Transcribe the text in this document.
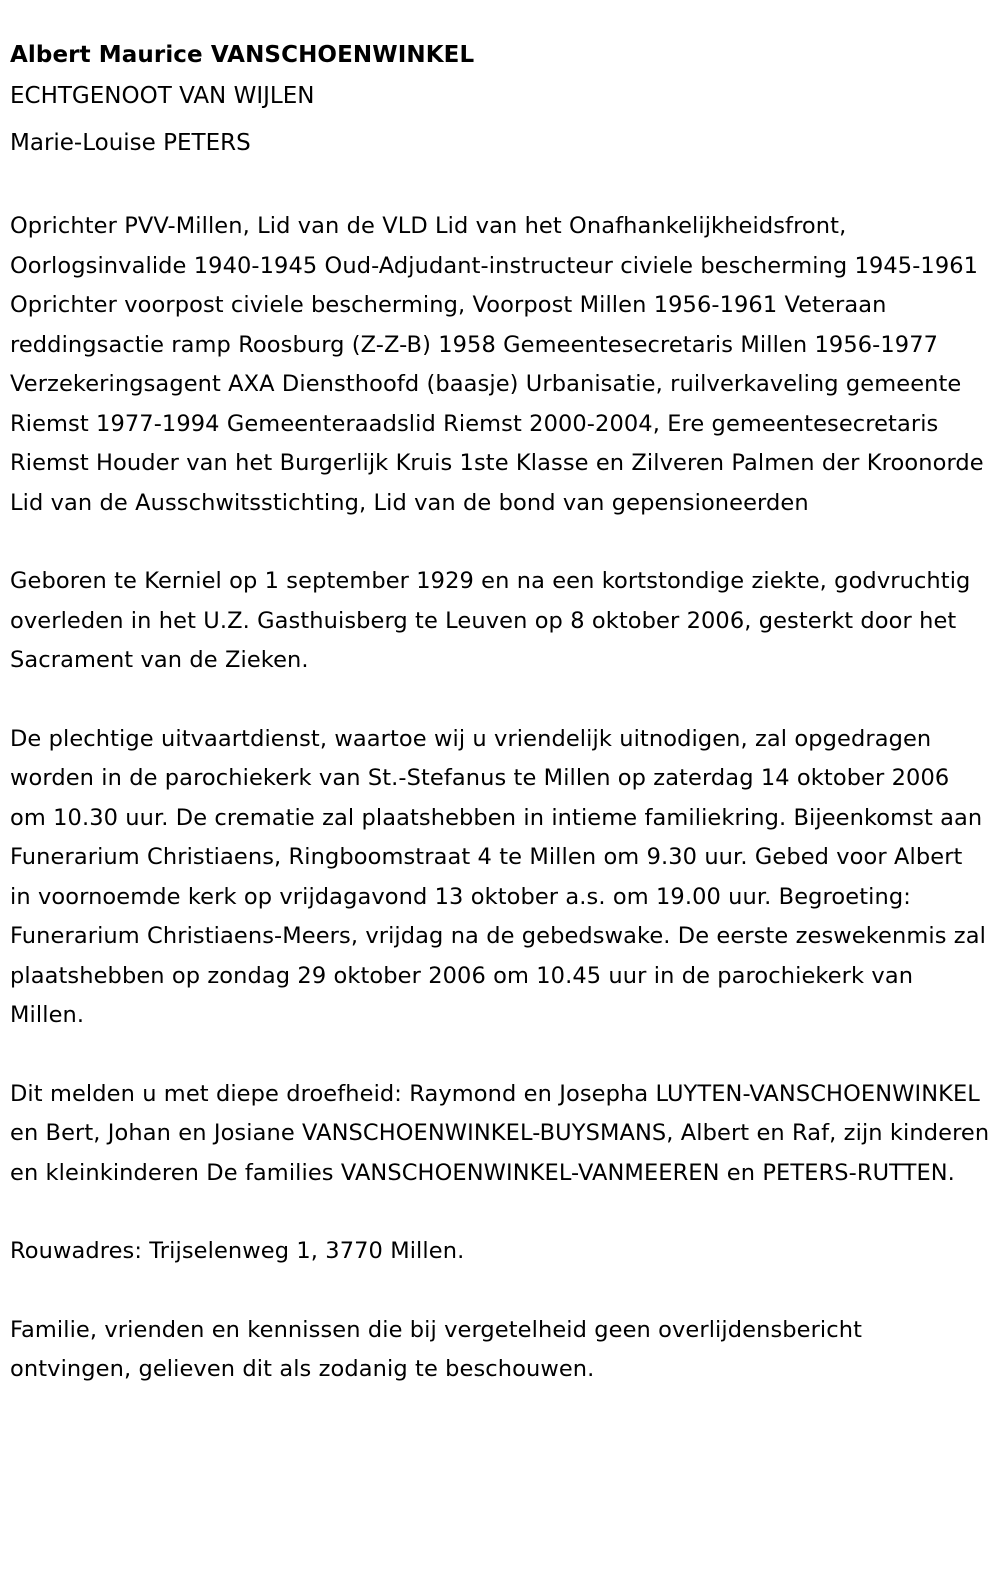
Albert Maurice VANSCHOENWINKEL

ECHTGENOOT VAN WIJLEN

Marie-Louise PETERS

Oprichter PVV-Millen, Lid van de VLD Lid van het Onafhankelijkheidsfront, Oorlogsinvalide 1940-1945 Oud-Adjudant-instructeur civiele bescherming 1945-1961 Oprichter voorpost civiele bescherming, Voorpost Millen 1956-1961 Veteraan reddingsactie ramp Roosburg (Z-Z-B) 1958 Gemeentesecretaris Millen 1956-1977 Verzekeringsagent AXA Diensthoofd (baasje) Urbanisatie, ruilverkaveling gemeente Riemst 1977-1994 Gemeenteraadslid Riemst 2000-2004, Ere gemeentesecretaris Riemst Houder van het Burgerlijk Kruis 1ste Klasse en Zilveren Palmen der Kroonorde Lid van de Ausschwitsstichting, Lid van de bond van gepensioneerden

Geboren te Kerniel op 1 september 1929 en na een kortstondige ziekte, godvruchtig overleden in het U.Z. Gasthuisberg te Leuven op 8 oktober 2006, gesterkt door het Sacrament van de Zieken.

De plechtige uitvaartdienst, waartoe wij u vriendelijk uitnodigen, zal opgedragen worden in de parochiekerk van St.-Stefanus te Millen op zaterdag 14 oktober 2006 om 10.30 uur. De crematie zal plaatshebben in intieme familiekring. Bijeenkomst aan Funerarium Christiaens, Ringboomstraat 4 te Millen om 9.30 uur. Gebed voor Albert in voornoemde kerk op vrijdagavond 13 oktober a.s. om 19.00 uur. Begroeting: Funerarium Christiaens-Meers, vrijdag na de gebedswake. De eerste zeswekenmis zal plaatshebben op zondag 29 oktober 2006 om 10.45 uur in de parochiekerk van Millen.

Dit melden u met diepe droefheid: Raymond en Josepha LUYTEN-VANSCHOENWINKEL en Bert, Johan en Josiane VANSCHOENWINKEL-BUYSMANS, Albert en Raf, zijn kinderen en kleinkinderen De families VANSCHOENWINKEL-VANMEEREN en PETERS-RUTTEN.

Rouwadres: Trijselenweg 1, 3770 Millen.

Familie, vrienden en kennissen die bij vergetelheid geen overlijdensbericht ontvingen, gelieven dit als zodanig te beschouwen.
